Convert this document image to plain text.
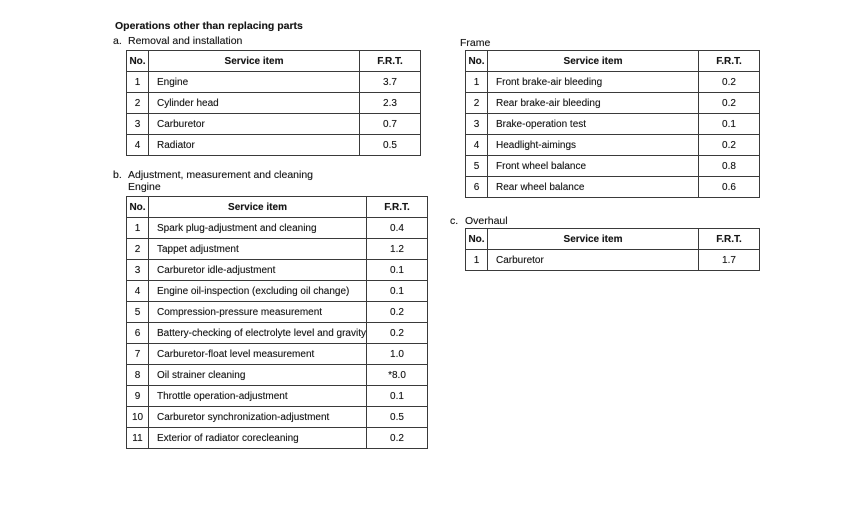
Operations other than replacing parts
a. Removal and installation
No.	Service item	F.R.T.
1	Engine	3.7
2	Cylinder head	2.3
3	Carburetor	0.7
4	Radiator	0.5
b. Adjustment, measurement and cleaning
Engine
No.	Service item	F.R.T.
1	Spark plug-adjustment and cleaning	0.4
2	Tappet adjustment	1.2
3	Carburetor idle-adjustment	0.1
4	Engine oil-inspection (excluding oil change)	0.1
5	Compression-pressure measurement	0.2
6	Battery-checking of electrolyte level and gravity	0.2
7	Carburetor-float level measurement	1.0
8	Oil strainer cleaning	*8.0
9	Throttle operation-adjustment	0.1
10	Carburetor synchronization-adjustment	0.5
11	Exterior of radiator corecleaning	0.2
Frame
No.	Service item	F.R.T.
1	Front brake-air bleeding	0.2
2	Rear brake-air bleeding	0.2
3	Brake-operation test	0.1
4	Headlight-aimings	0.2
5	Front wheel balance	0.8
6	Rear wheel balance	0.6
c. Overhaul
No.	Service item	F.R.T.
1	Carburetor	1.7
